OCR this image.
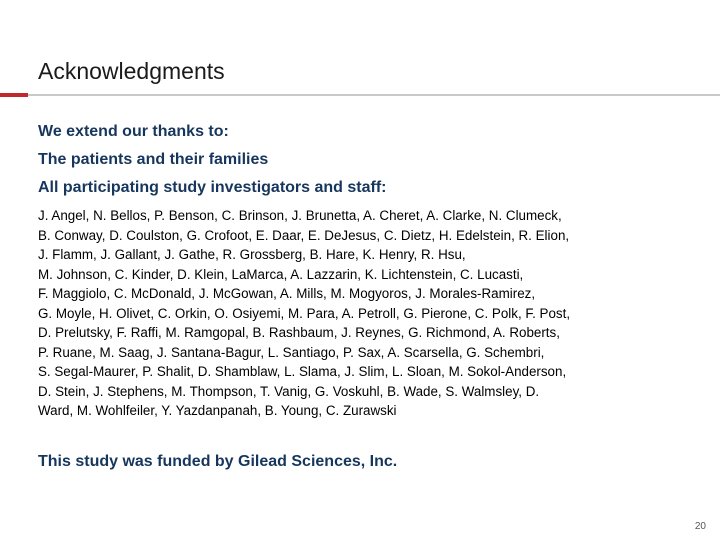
Acknowledgments
We extend our thanks to:
The patients and their families
All participating study investigators and staff:
J. Angel, N. Bellos, P. Benson, C. Brinson, J. Brunetta, A. Cheret, A. Clarke, N. Clumeck,
B. Conway, D. Coulston, G. Crofoot, E. Daar, E. DeJesus, C. Dietz, H. Edelstein, R. Elion,
J. Flamm, J. Gallant, J. Gathe, R. Grossberg, B. Hare, K. Henry, R. Hsu,
M. Johnson, C. Kinder, D. Klein, LaMarca, A. Lazzarin, K. Lichtenstein, C. Lucasti,
F. Maggiolo, C. McDonald, J. McGowan, A. Mills, M. Mogyoros, J. Morales-Ramirez,
G. Moyle, H. Olivet, C. Orkin, O. Osiyemi, M. Para, A. Petroll, G. Pierone, C. Polk, F. Post,
D. Prelutsky, F. Raffi, M. Ramgopal, B. Rashbaum, J. Reynes, G. Richmond, A. Roberts,
P. Ruane, M. Saag, J. Santana-Bagur, L. Santiago, P. Sax, A. Scarsella, G. Schembri,
S. Segal-Maurer, P. Shalit, D. Shamblaw, L. Slama, J. Slim, L. Sloan, M. Sokol-Anderson,
D. Stein, J. Stephens, M. Thompson, T. Vanig, G. Voskuhl, B. Wade, S. Walmsley, D.
Ward, M. Wohlfeiler, Y. Yazdanpanah, B. Young, C. Zurawski
This study was funded by Gilead Sciences, Inc.
20
